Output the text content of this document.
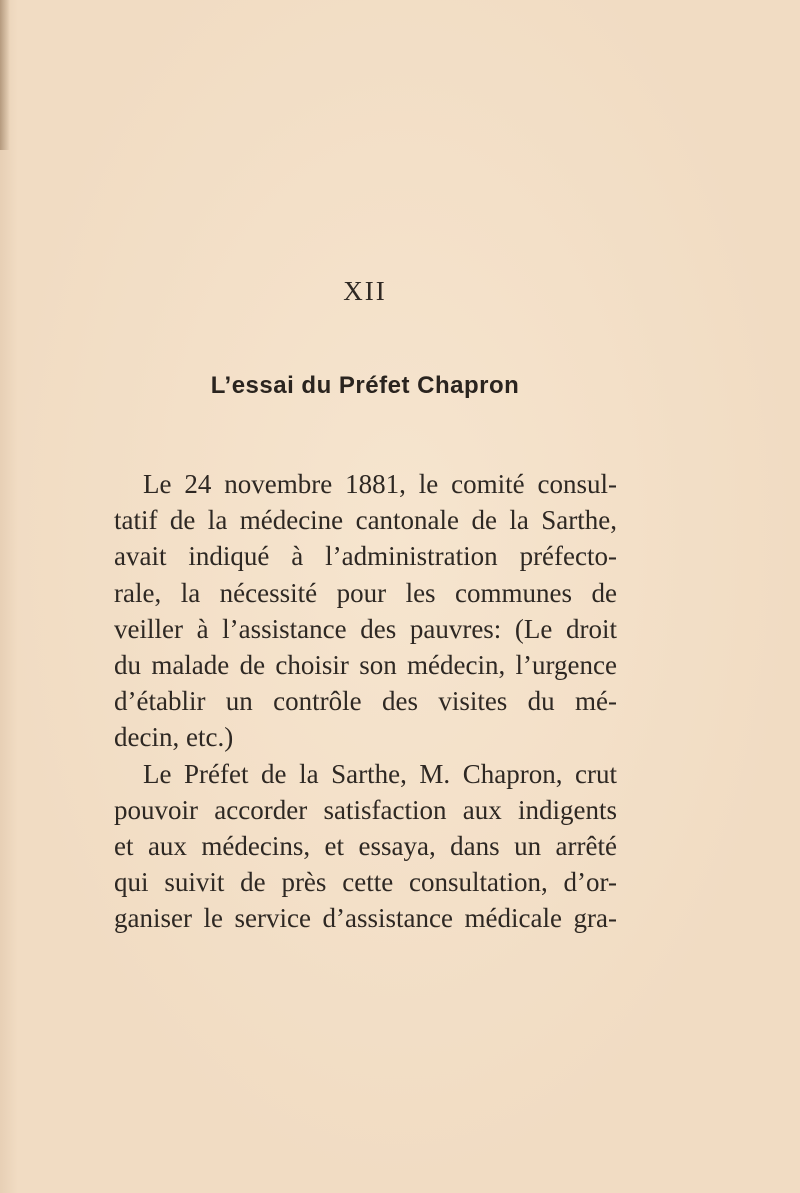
XII
L’essai du Préfet Chapron
Le 24 novembre 1881, le comité consul-
tatif de la médecine cantonale de la Sarthe,
avait indiqué à l’administration préfecto-
rale, la nécessité pour les communes de
veiller à l’assistance des pauvres: (Le droit
du malade de choisir son médecin, l’urgence
d’établir un contrôle des visites du mé-
decin, etc.)
Le Préfet de la Sarthe, M. Chapron, crut
pouvoir accorder satisfaction aux indigents
et aux médecins, et essaya, dans un arrêté
qui suivit de près cette consultation, d’or-
ganiser le service d’assistance médicale gra-
